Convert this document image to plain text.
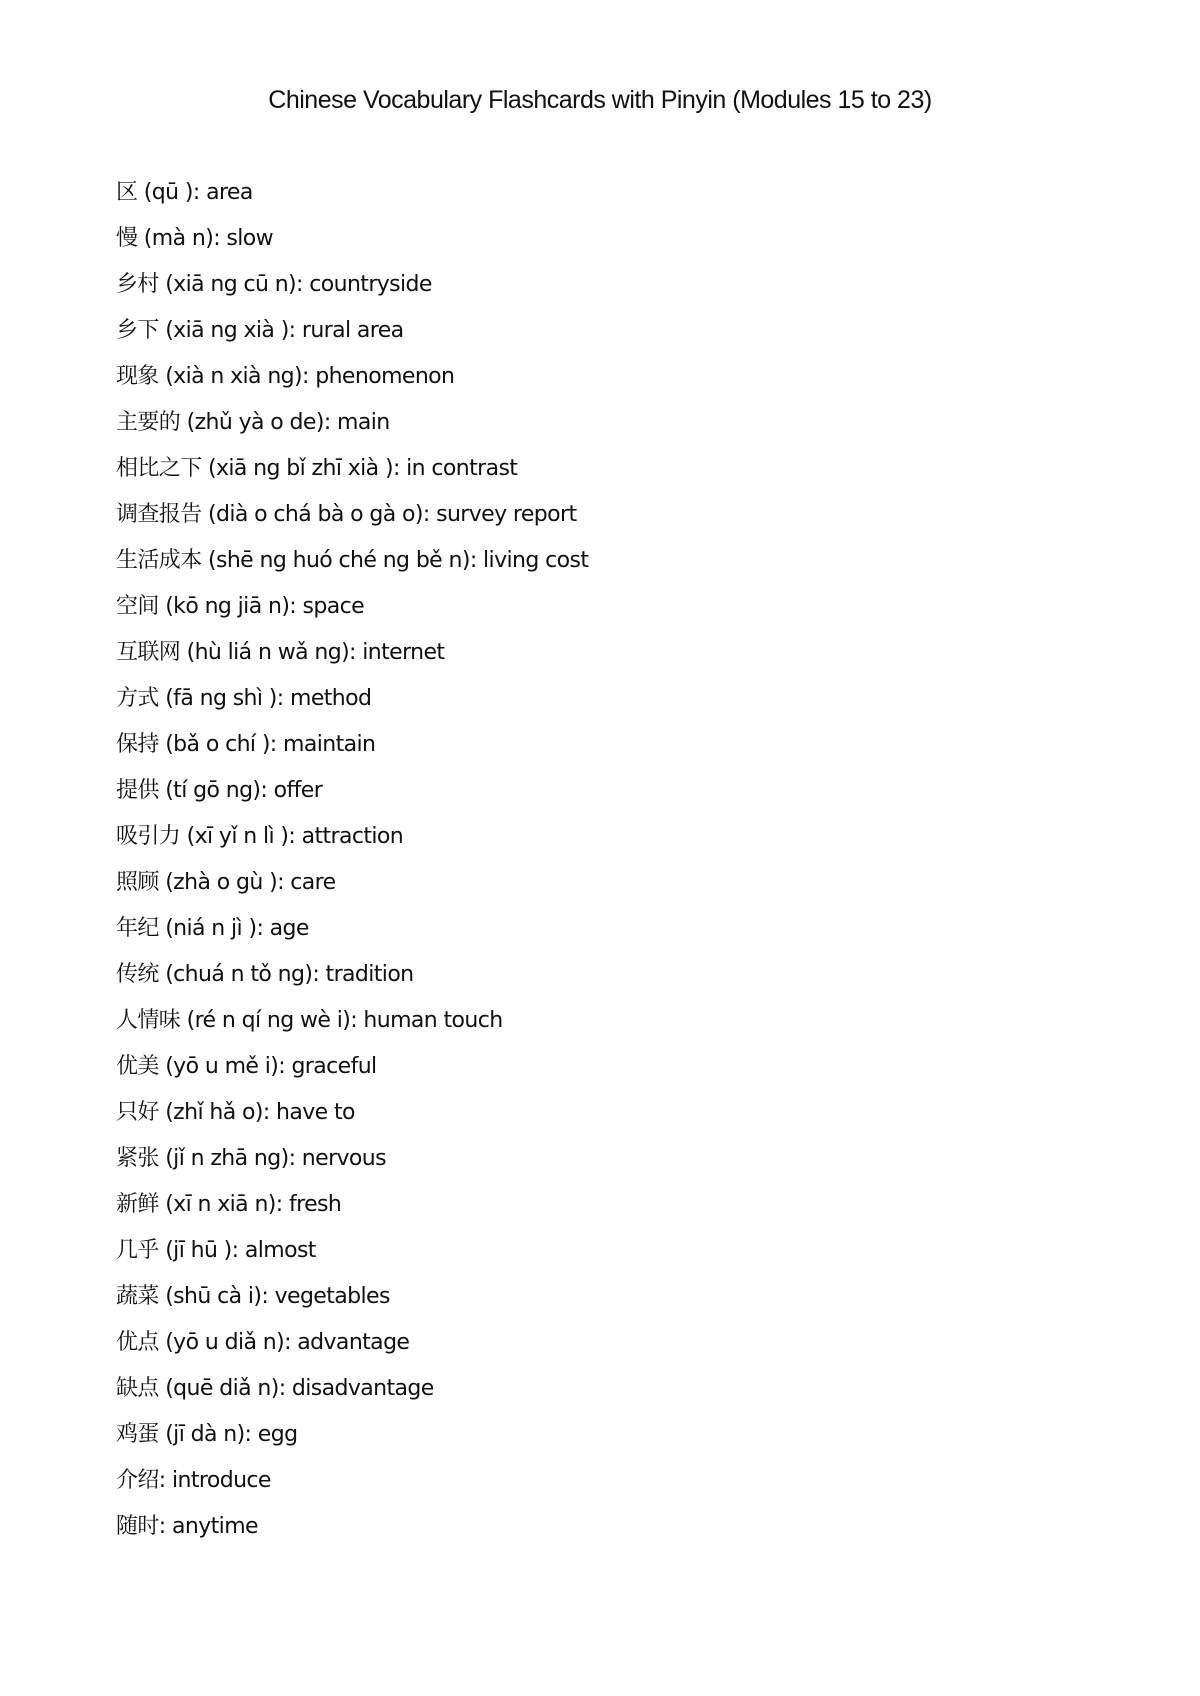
Chinese Vocabulary Flashcards with Pinyin (Modules 15 to 23)
区 (qū ): area
慢 (mà n): slow
乡村 (xiā ng cū n): countryside
乡下 (xiā ng xià ): rural area
现象 (xià n xià ng): phenomenon
主要的 (zhǔ yà o de): main
相比之下 (xiā ng bǐ zhī xià ): in contrast
调查报告 (dià o chá bà o gà o): survey report
生活成本 (shē ng huó ché ng bě n): living cost
空间 (kō ng jiā n): space
互联网 (hù liá n wǎ ng): internet
方式 (fā ng shì ): method
保持 (bǎ o chí ): maintain
提供 (tí gō ng): offer
吸引力 (xī yǐ n lì ): attraction
照顾 (zhà o gù ): care
年纪 (niá n jì ): age
传统 (chuá n tǒ ng): tradition
人情味 (ré n qí ng wè i): human touch
优美 (yō u mě i): graceful
只好 (zhǐ hǎ o): have to
紧张 (jǐ n zhā ng): nervous
新鲜 (xī n xiā n): fresh
几乎 (jī hū ): almost
蔬菜 (shū cà i): vegetables
优点 (yō u diǎ n): advantage
缺点 (quē diǎ n): disadvantage
鸡蛋 (jī dà n): egg
介绍: introduce
随时: anytime
